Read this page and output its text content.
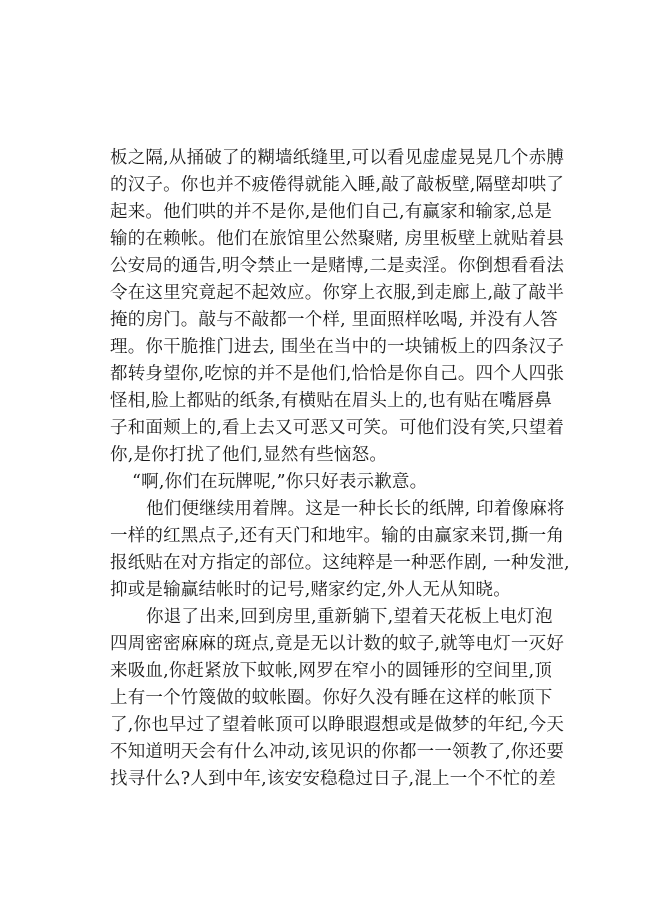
板之隔,从捅破了的糊墙纸缝里,可以看见虚虚晃晃几个赤膊
的汉子。你也并不疲倦得就能入睡,敲了敲板壁,隔壁却哄了
起来。他们哄的并不是你,是他们自己,有赢家和输家,总是
输的在赖帐。他们在旅馆里公然聚赌, 房里板壁上就贴着县
公安局的通告,明令禁止一是赌博,二是卖淫。你倒想看看法
令在这里究竟起不起效应。你穿上衣服,到走廊上,敲了敲半
掩的房门。敲与不敲都一个样, 里面照样吆喝, 并没有人答
理。你干脆推门进去, 围坐在当中的一块铺板上的四条汉子
都转身望你,吃惊的并不是他们,恰恰是你自己。四个人四张
怪相,脸上都贴的纸条,有横贴在眉头上的,也有贴在嘴唇鼻
子和面颊上的,看上去又可恶又可笑。可他们没有笑,只望着
你,是你打扰了他们,显然有些恼怒。
“啊,你们在玩牌呢,”你只好表示歉意。
他们便继续用着牌。这是一种长长的纸牌, 印着像麻将
一样的红黑点子,还有天门和地牢。输的由赢家来罚,撕一角
报纸贴在对方指定的部位。这纯粹是一种恶作剧, 一种发泄,
抑或是输赢结帐时的记号,赌家约定,外人无从知晓。
你退了出来,回到房里,重新躺下,望着天花板上电灯泡
四周密密麻麻的斑点,竟是无以计数的蚊子,就等电灯一灭好
来吸血,你赶紧放下蚊帐,网罗在窄小的圆锤形的空间里,顶
上有一个竹篾做的蚊帐圈。你好久没有睡在这样的帐顶下
了,你也早过了望着帐顶可以睁眼遐想或是做梦的年纪,今天
不知道明天会有什么冲动,该见识的你都一一领教了,你还要
找寻什么?人到中年,该安安稳稳过日子,混上一个不忙的差
